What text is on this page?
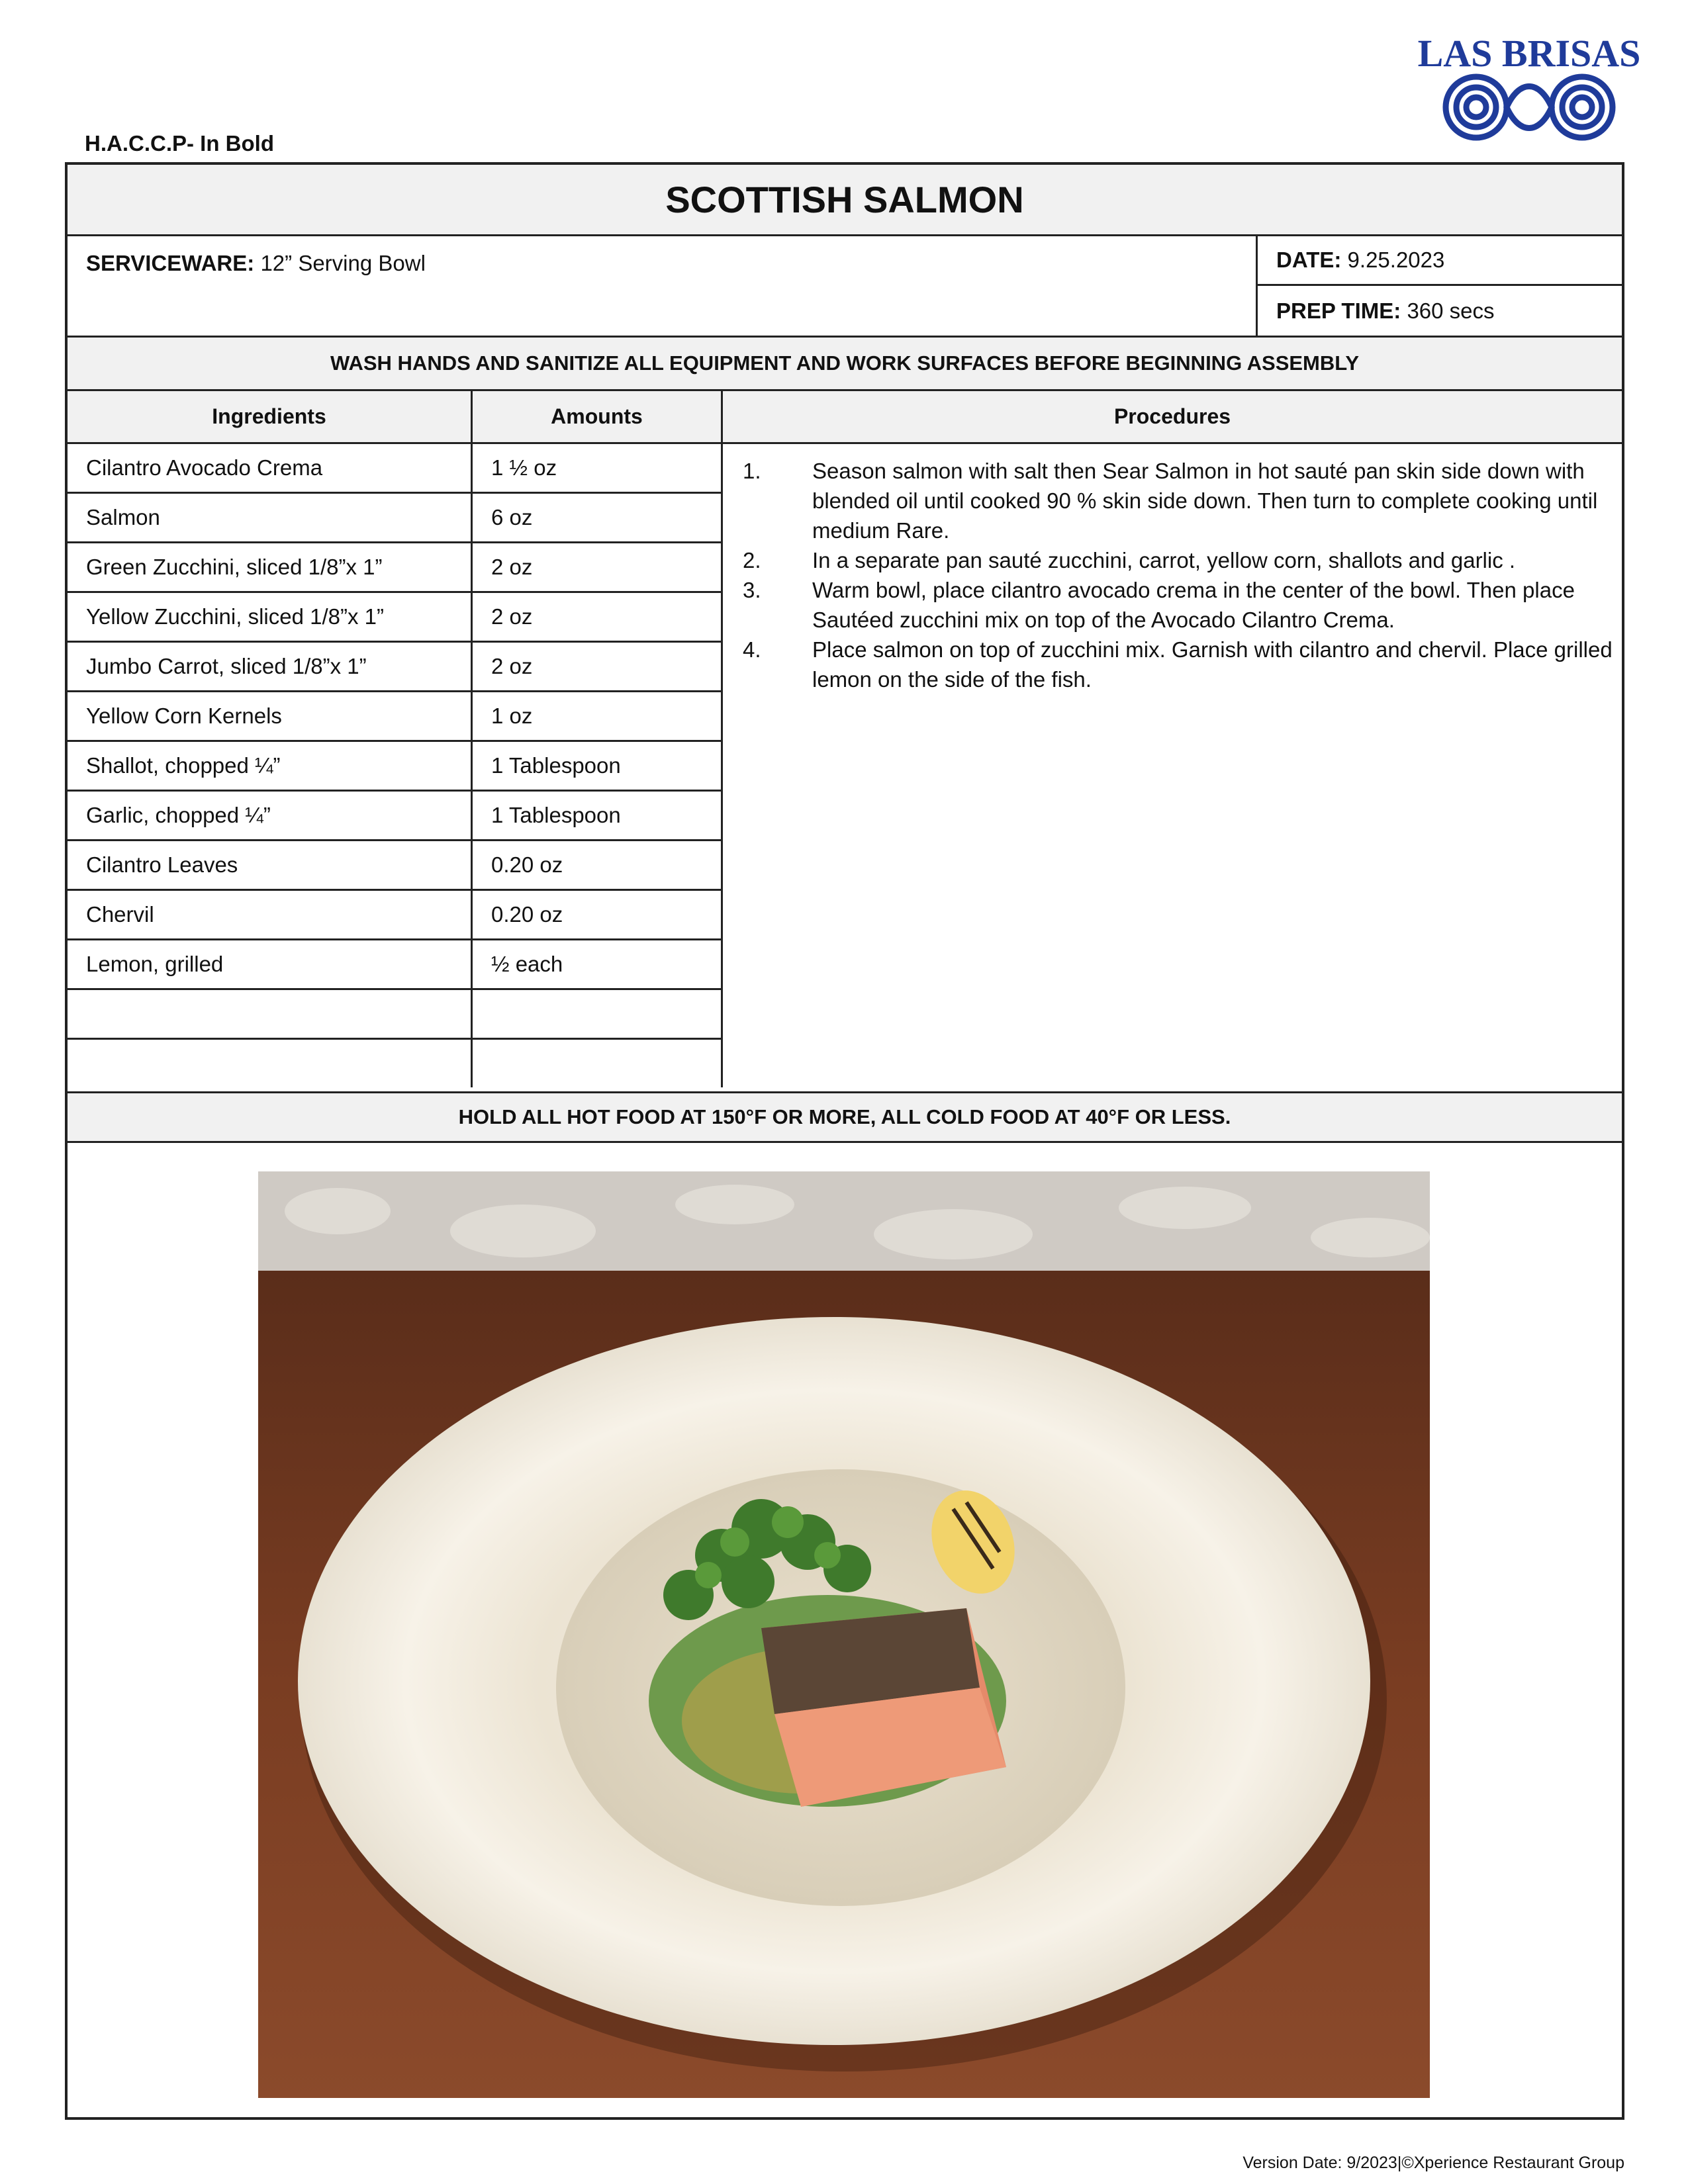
LAS BRISAS
H.A.C.C.P- In Bold
SCOTTISH SALMON
SERVICEWARE: 12” Serving Bowl	DATE:
9.25.2023
PREP TIME:
360 secs
WASH HANDS AND SANITIZE ALL EQUIPMENT AND WORK SURFACES BEFORE BEGINNING ASSEMBLY
Ingredients	Amounts	Procedures
Cilantro Avocado Crema	1 ½ oz
Salmon	6 oz
Green Zucchini, sliced 1/8”x 1”	2 oz
Yellow Zucchini, sliced 1/8”x 1”	2 oz
Jumbo Carrot, sliced 1/8”x 1”	2 oz
Yellow Corn Kernels	1 oz
Shallot, chopped ¼”	1 Tablespoon
Garlic, chopped ¼”	1 Tablespoon
Cilantro Leaves	0.20 oz
Chervil	0.20 oz
Lemon, grilled	½ each
1. Season salmon with salt then Sear Salmon in hot sauté pan skin side down with blended oil until cooked 90 % skin side down. Then turn to complete cooking until medium Rare.
2. In a separate pan sauté zucchini, carrot, yellow corn, shallots and garlic .
3. Warm bowl, place cilantro avocado crema in the center of the bowl. Then place Sautéed zucchini mix on top of the Avocado Cilantro Crema.
4. Place salmon on top of zucchini mix. Garnish with cilantro and chervil. Place grilled lemon on the side of the fish.
HOLD ALL HOT FOOD AT 150°F OR MORE, ALL COLD FOOD AT 40°F OR LESS.
Version Date: 9/2023|©Xperience Restaurant Group
